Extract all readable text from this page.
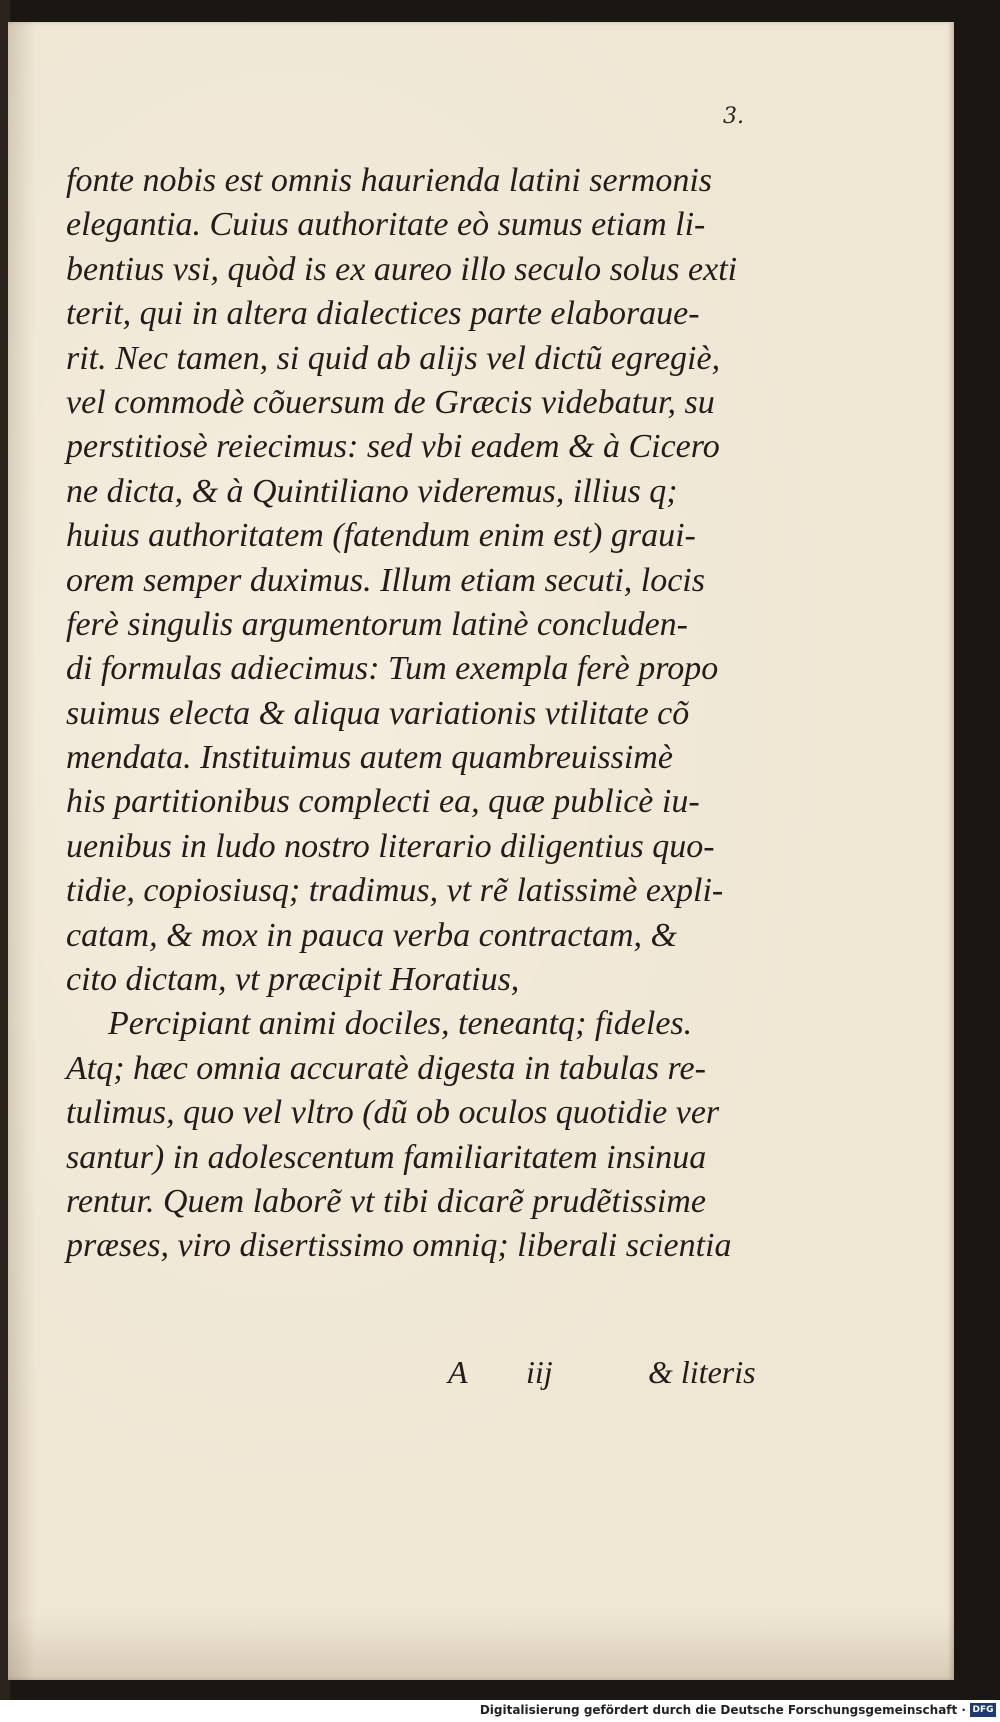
3.
fonte nobis est omnis haurienda latini sermonis
elegantia. Cuius authoritate eò sumus etiam li-
bentius vsi, quòd is ex aureo illo seculo solus exti
terit, qui in altera dialectices parte elaboraue-
rit. Nec tamen, si quid ab alijs vel dictũ egregiè,
vel commodè cõuersum de Græcis videbatur, su
perstitiosè reiecimus: sed vbi eadem & à Cicero
ne dicta, & à Quintiliano videremus, illius q;
huius authoritatem (fatendum enim est) graui-
orem semper duximus. Illum etiam secuti, locis
ferè singulis argumentorum latinè concluden-
di formulas adiecimus: Tum exempla ferè propo
suimus electa & aliqua variationis vtilitate cõ
mendata. Instituimus autem quambreuissimè
his partitionibus complecti ea, quæ publicè iu-
uenibus in ludo nostro literario diligentius quo-
tidie, copiosiusq; tradimus, vt rẽ latissimè expli-
catam, & mox in pauca verba contractam, &
cito dictam, vt præcipit Horatius,
Percipiant animi dociles, teneantq; fideles.
Atq; hæc omnia accuratè digesta in tabulas re-
tulimus, quo vel vltro (dũ ob oculos quotidie ver
santur) in adolescentum familiaritatem insinua
rentur. Quem laborẽ vt tibi dicarẽ prudẽtissime
præses, viro disertissimo omniq; liberali scientia
A iij	& literis
Digitalisierung gefördert durch die Deutsche Forschungsgemeinschaft · DFG
